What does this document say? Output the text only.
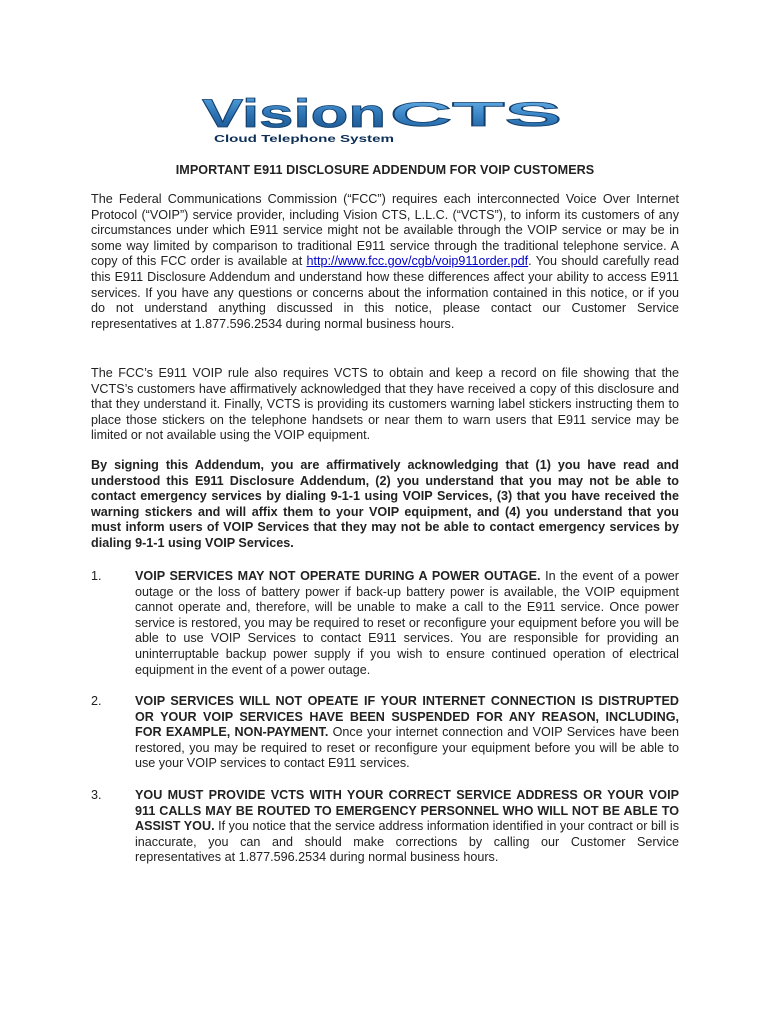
Vision CTS
Cloud Telephone System
IMPORTANT E911 DISCLOSURE ADDENDUM FOR VOIP CUSTOMERS
The Federal Communications Commission (“FCC”) requires each interconnected Voice Over Internet Protocol (“VOIP”) service provider, including Vision CTS, L.L.C. (“VCTS”), to inform its customers of any circumstances under which E911 service might not be available through the VOIP service or may be in some way limited by comparison to traditional E911 service through the traditional telephone service. A copy of this FCC order is available at http://www.fcc.gov/cgb/voip911order.pdf. You should carefully read this E911 Disclosure Addendum and understand how these differences affect your ability to access E911 services. If you have any questions or concerns about the information contained in this notice, or if you do not understand anything discussed in this notice, please contact our Customer Service representatives at 1.877.596.2534 during normal business hours.
The FCC’s E911 VOIP rule also requires VCTS to obtain and keep a record on file showing that the VCTS’s customers have affirmatively acknowledged that they have received a copy of this disclosure and that they understand it. Finally, VCTS is providing its customers warning label stickers instructing them to place those stickers on the telephone handsets or near them to warn users that E911 service may be limited or not available using the VOIP equipment.
By signing this Addendum, you are affirmatively acknowledging that (1) you have read and understood this E911 Disclosure Addendum, (2) you understand that you may not be able to contact emergency services by dialing 9-1-1 using VOIP Services, (3) that you have received the warning stickers and will affix them to your VOIP equipment, and (4) you understand that you must inform users of VOIP Services that they may not be able to contact emergency services by dialing 9-1-1 using VOIP Services.
1.	VOIP SERVICES MAY NOT OPERATE DURING A POWER OUTAGE. In the event of a power outage or the loss of battery power if back-up battery power is available, the VOIP equipment cannot operate and, therefore, will be unable to make a call to the E911 service. Once power service is restored, you may be required to reset or reconfigure your equipment before you will be able to use VOIP Services to contact E911 services. You are responsible for providing an uninterruptable backup power supply if you wish to ensure continued operation of electrical equipment in the event of a power outage.
2.	VOIP SERVICES WILL NOT OPEATE IF YOUR INTERNET CONNECTION IS DISTRUPTED OR YOUR VOIP SERVICES HAVE BEEN SUSPENDED FOR ANY REASON, INCLUDING, FOR EXAMPLE, NON-PAYMENT. Once your internet connection and VOIP Services have been restored, you may be required to reset or reconfigure your equipment before you will be able to use your VOIP services to contact E911 services.
3.	YOU MUST PROVIDE VCTS WITH YOUR CORRECT SERVICE ADDRESS OR YOUR VOIP 911 CALLS MAY BE ROUTED TO EMERGENCY PERSONNEL WHO WILL NOT BE ABLE TO ASSIST YOU. If you notice that the service address information identified in your contract or bill is inaccurate, you can and should make corrections by calling our Customer Service representatives at 1.877.596.2534 during normal business hours.
